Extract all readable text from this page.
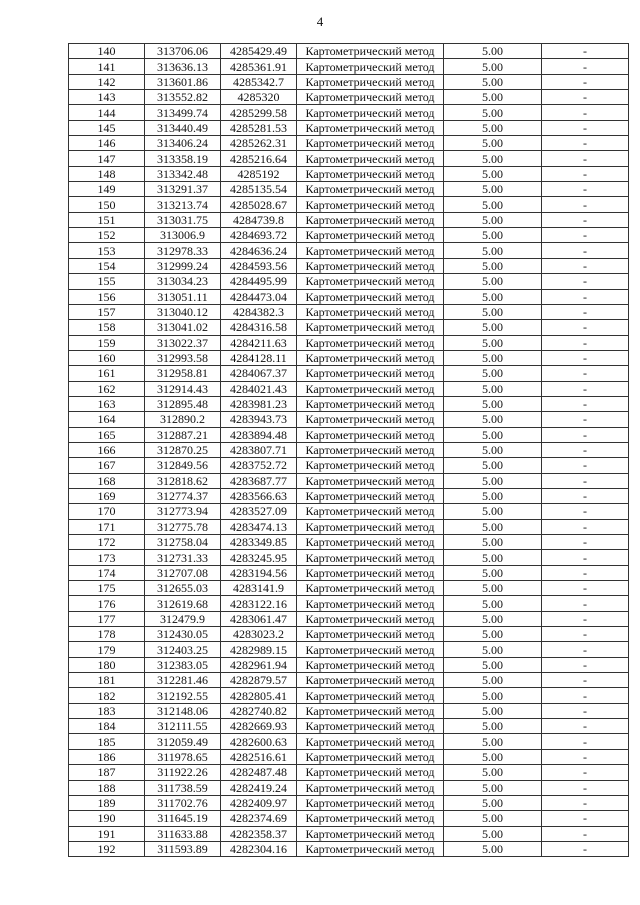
4
140	313706.06	4285429.49	Картометрический метод	5.00	-
141	313636.13	4285361.91	Картометрический метод	5.00	-
142	313601.86	4285342.7	Картометрический метод	5.00	-
143	313552.82	4285320	Картометрический метод	5.00	-
144	313499.74	4285299.58	Картометрический метод	5.00	-
145	313440.49	4285281.53	Картометрический метод	5.00	-
146	313406.24	4285262.31	Картометрический метод	5.00	-
147	313358.19	4285216.64	Картометрический метод	5.00	-
148	313342.48	4285192	Картометрический метод	5.00	-
149	313291.37	4285135.54	Картометрический метод	5.00	-
150	313213.74	4285028.67	Картометрический метод	5.00	-
151	313031.75	4284739.8	Картометрический метод	5.00	-
152	313006.9	4284693.72	Картометрический метод	5.00	-
153	312978.33	4284636.24	Картометрический метод	5.00	-
154	312999.24	4284593.56	Картометрический метод	5.00	-
155	313034.23	4284495.99	Картометрический метод	5.00	-
156	313051.11	4284473.04	Картометрический метод	5.00	-
157	313040.12	4284382.3	Картометрический метод	5.00	-
158	313041.02	4284316.58	Картометрический метод	5.00	-
159	313022.37	4284211.63	Картометрический метод	5.00	-
160	312993.58	4284128.11	Картометрический метод	5.00	-
161	312958.81	4284067.37	Картометрический метод	5.00	-
162	312914.43	4284021.43	Картометрический метод	5.00	-
163	312895.48	4283981.23	Картометрический метод	5.00	-
164	312890.2	4283943.73	Картометрический метод	5.00	-
165	312887.21	4283894.48	Картометрический метод	5.00	-
166	312870.25	4283807.71	Картометрический метод	5.00	-
167	312849.56	4283752.72	Картометрический метод	5.00	-
168	312818.62	4283687.77	Картометрический метод	5.00	-
169	312774.37	4283566.63	Картометрический метод	5.00	-
170	312773.94	4283527.09	Картометрический метод	5.00	-
171	312775.78	4283474.13	Картометрический метод	5.00	-
172	312758.04	4283349.85	Картометрический метод	5.00	-
173	312731.33	4283245.95	Картометрический метод	5.00	-
174	312707.08	4283194.56	Картометрический метод	5.00	-
175	312655.03	4283141.9	Картометрический метод	5.00	-
176	312619.68	4283122.16	Картометрический метод	5.00	-
177	312479.9	4283061.47	Картометрический метод	5.00	-
178	312430.05	4283023.2	Картометрический метод	5.00	-
179	312403.25	4282989.15	Картометрический метод	5.00	-
180	312383.05	4282961.94	Картометрический метод	5.00	-
181	312281.46	4282879.57	Картометрический метод	5.00	-
182	312192.55	4282805.41	Картометрический метод	5.00	-
183	312148.06	4282740.82	Картометрический метод	5.00	-
184	312111.55	4282669.93	Картометрический метод	5.00	-
185	312059.49	4282600.63	Картометрический метод	5.00	-
186	311978.65	4282516.61	Картометрический метод	5.00	-
187	311922.26	4282487.48	Картометрический метод	5.00	-
188	311738.59	4282419.24	Картометрический метод	5.00	-
189	311702.76	4282409.97	Картометрический метод	5.00	-
190	311645.19	4282374.69	Картометрический метод	5.00	-
191	311633.88	4282358.37	Картометрический метод	5.00	-
192	311593.89	4282304.16	Картометрический метод	5.00	-
